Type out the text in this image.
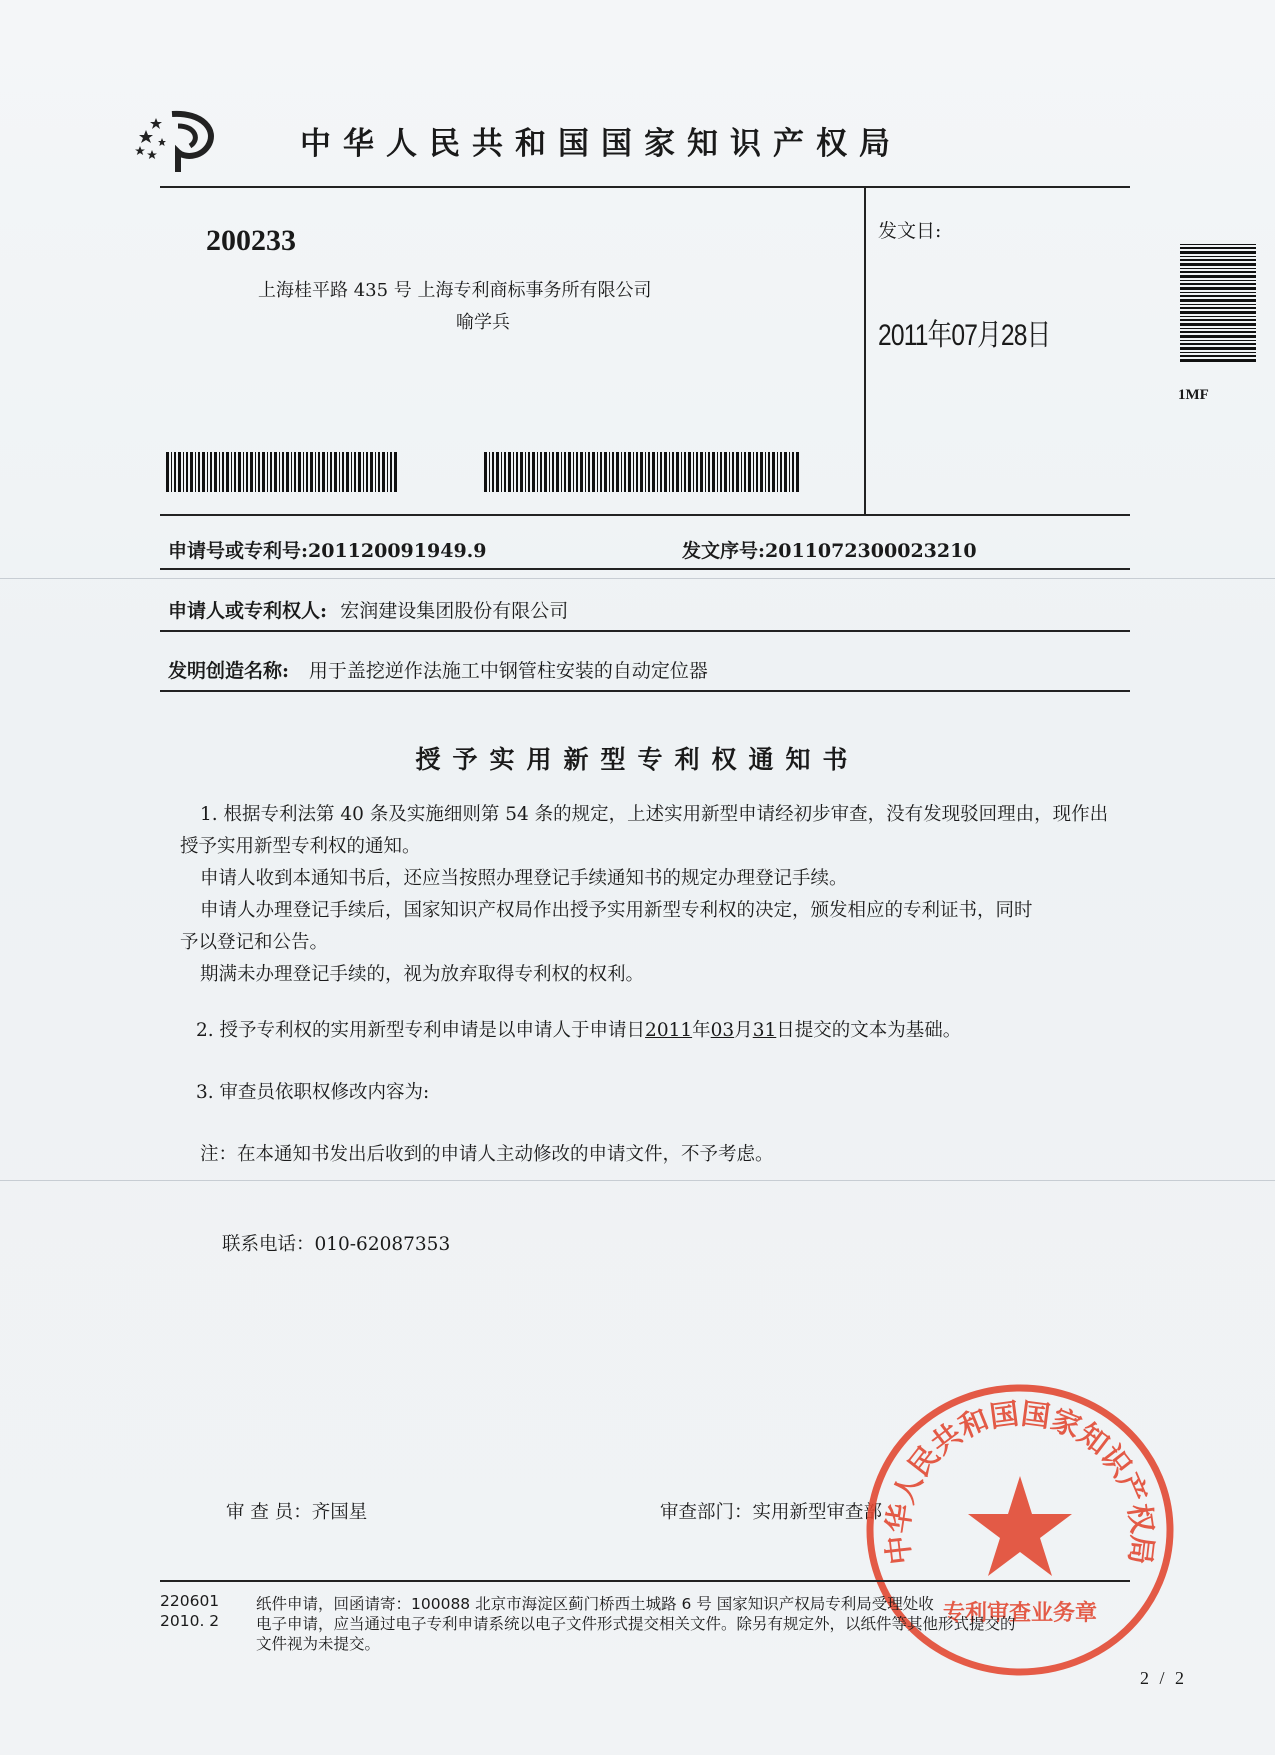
中华人民共和国国家知识产权局
200233
上海桂平路 435 号 上海专利商标事务所有限公司
喻学兵
发文日:
2011年07月28日
1MF
申请号或专利号:201120091949.9	发文序号:2011072300023210
申请人或专利权人: 宏润建设集团股份有限公司
发明创造名称: 用于盖挖逆作法施工中钢管柱安装的自动定位器
授予实用新型专利权通知书
1. 根据专利法第 40 条及实施细则第 54 条的规定，上述实用新型申请经初步审查，没有发现驳回理由，现作出
授予实用新型专利权的通知。
申请人收到本通知书后，还应当按照办理登记手续通知书的规定办理登记手续。
申请人办理登记手续后，国家知识产权局作出授予实用新型专利权的决定，颁发相应的专利证书，同时
予以登记和公告。
期满未办理登记手续的，视为放弃取得专利权的权利。
2. 授予专利权的实用新型专利申请是以申请人于申请日2011年03月31日提交的文本为基础。
3. 审查员依职权修改内容为:
注：在本通知书发出后收到的申请人主动修改的申请文件，不予考虑。
联系电话：010-62087353
审 查 员：齐国星	审查部门：实用新型审查部
中华人民共和国国家知识产权局
专利审查业务章
220601
2010. 2
纸件申请，回函请寄：100088 北京市海淀区蓟门桥西土城路 6 号 国家知识产权局专利局受理处收
电子申请，应当通过电子专利申请系统以电子文件形式提交相关文件。除另有规定外，以纸件等其他形式提交的
文件视为未提交。
2 / 2
